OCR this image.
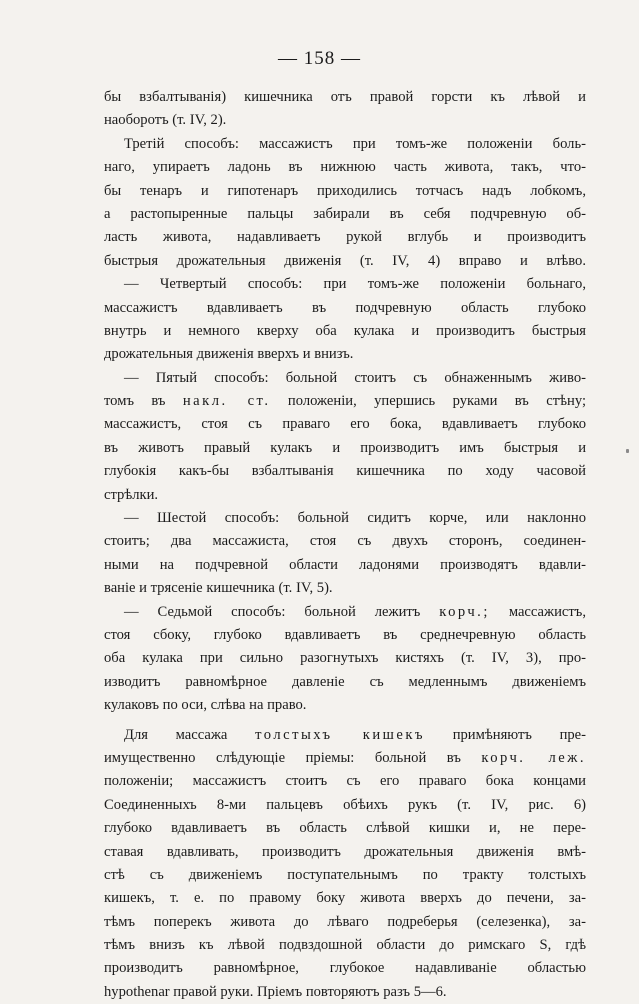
— 158 —
бы взбалтыванія) кишечника отъ правой горсти къ лѣвой и
наоборотъ (т. IV, 2).
Третій способъ: массажистъ при томъ-же положеніи боль-
наго, упираетъ ладонь въ нижнюю часть живота, такъ, что-
бы тенаръ и гипотенаръ приходились тотчасъ надъ лобкомъ,
а растопыренные пальцы забирали въ себя подчревную об-
ласть живота, надавливаетъ рукой вглубь и производитъ
быстрыя дрожательныя движенія (т. IV, 4) вправо и влѣво.
— Четвертый способъ: при томъ-же положеніи больнаго,
массажистъ вдавливаетъ въ подчревную область глубоко
внутрь и немного кверху оба кулака и производитъ быстрыя
дрожательныя движенія вверхъ и внизъ.
— Пятый способъ: больной стоитъ съ обнаженнымъ живо-
томъ въ накл. ст. положеніи, упершись руками въ стѣну;
массажистъ, стоя съ праваго его бока, вдавливаетъ глубоко
въ животъ правый кулакъ и производитъ имъ быстрыя и
глубокія какъ-бы взбалтыванія кишечника по ходу часовой
стрѣлки.
— Шестой способъ: больной сидитъ корче, или наклонно
стоитъ; два массажиста, стоя съ двухъ сторонъ, соединен-
ными на подчревной области ладонями производятъ вдавли-
ваніе и трясеніе кишечника (т. IV, 5).
— Седьмой способъ: больной лежитъ корч.; массажистъ,
стоя сбоку, глубоко вдавливаетъ въ среднечревную область
оба кулака при сильно разогнутыхъ кистяхъ (т. IV, 3), про-
изводитъ равномѣрное давленіе съ медленнымъ движеніемъ
кулаковъ по оси, слѣва на право.
Для массажа толстыхъ кишекъ примѣняютъ пре-
имущественно слѣдующіе пріемы: больной въ корч. леж.
положеніи; массажистъ стоитъ съ его праваго бока концами
Соединенныхъ 8-ми пальцевъ обѣихъ рукъ (т. IV, рис. 6)
глубоко вдавливаетъ въ область слѣвой кишки и, не пере-
ставая вдавливать, производитъ дрожательныя движенія вмѣ-
стѣ съ движеніемъ поступательнымъ по тракту толстыхъ
кишекъ, т. е. по правому боку живота вверхъ до печени, за-
тѣмъ поперекъ живота до лѣваго подреберья (селезенка), за-
тѣмъ внизъ къ лѣвой подвздошной области до римскаго S, гдѣ
производитъ равномѣрное, глубокое надавливаніе областью
hypothenar правой руки. Пріемъ повторяютъ разъ 5—6.
